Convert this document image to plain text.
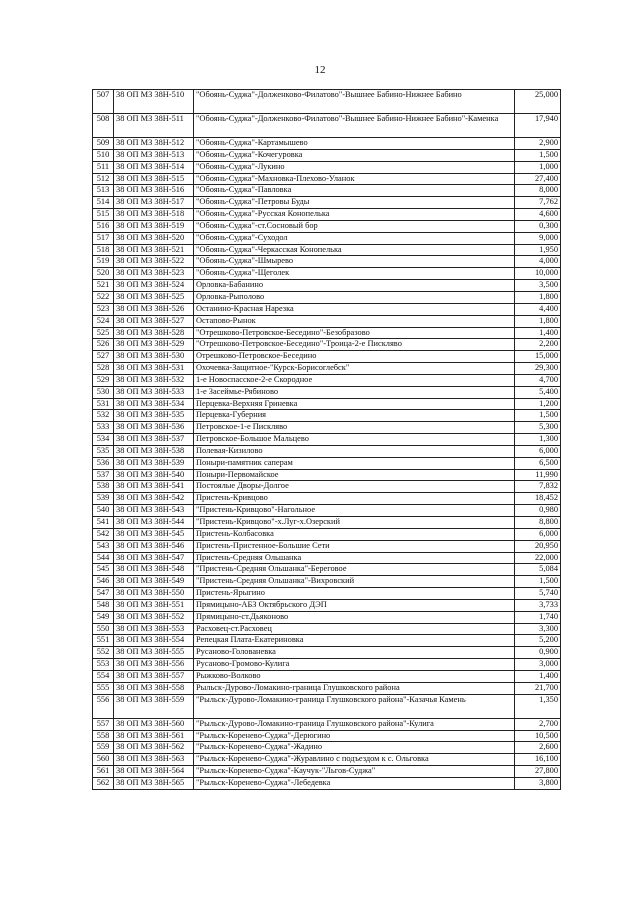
12
507	38 ОП МЗ 38Н-510	"Обоянь-Суджа"-Долженково-Филатово"-Вышнее Бабино-Нижнее Бабино	25,000
508	38 ОП МЗ 38Н-511	"Обоянь-Суджа"-Долженково-Филатово"-Вышнее Бабино-Нижнее Бабино"-Каменка	17,940
509	38 ОП МЗ 38Н-512	"Обоянь-Суджа"-Картамышево	2,900
510	38 ОП МЗ 38Н-513	"Обоянь-Суджа"-Кочегуровка	1,500
511	38 ОП МЗ 38Н-514	"Обоянь-Суджа"-Лукино	1,000
512	38 ОП МЗ 38Н-515	"Обоянь-Суджа"-Махновка-Плехово-Уланок	27,400
513	38 ОП МЗ 38Н-516	"Обоянь-Суджа"-Павловка	8,000
514	38 ОП МЗ 38Н-517	"Обоянь-Суджа"-Петровы Буды	7,762
515	38 ОП МЗ 38Н-518	"Обоянь-Суджа"-Русская Конопелька	4,600
516	38 ОП МЗ 38Н-519	"Обоянь-Суджа"-ст.Сосновый бор	0,300
517	38 ОП МЗ 38Н-520	"Обоянь-Суджа"-Суходол	9,000
518	38 ОП МЗ 38Н-521	"Обоянь-Суджа"-Черкасская Конопелька	1,950
519	38 ОП МЗ 38Н-522	"Обоянь-Суджа"-Шмырево	4,000
520	38 ОП МЗ 38Н-523	"Обоянь-Суджа"-Щеголек	10,000
521	38 ОП МЗ 38Н-524	Орловка-Бабанино	3,500
522	38 ОП МЗ 38Н-525	Орловка-Рыполово	1,800
523	38 ОП МЗ 38Н-526	Останино-Красная Нарезка	4,400
524	38 ОП МЗ 38Н-527	Остапово-Рынок	1,800
525	38 ОП МЗ 38Н-528	"Отрешково-Петровское-Беседино"-Безобразово	1,400
526	38 ОП МЗ 38Н-529	"Отрешково-Петровское-Беседино"-Троица-2-е Пискляво	2,200
527	38 ОП МЗ 38Н-530	Отрешково-Петровское-Беседино	15,000
528	38 ОП МЗ 38Н-531	Охочевка-Защитное-"Курск-Борисоглебск"	29,300
529	38 ОП МЗ 38Н-532	1-е Новоспасское-2-е Скородное	4,700
530	38 ОП МЗ 38Н-533	1-е Засеймье-Рябиново	5,400
531	38 ОП МЗ 38Н-534	Перцевка-Верхняя Гриневка	1,200
532	38 ОП МЗ 38Н-535	Перцевка-Губерния	1,500
533	38 ОП МЗ 38Н-536	Петровское-1-е Пискляво	5,300
534	38 ОП МЗ 38Н-537	Петровское-Большое Мальцево	1,300
535	38 ОП МЗ 38Н-538	Полевая-Кизилово	6,000
536	38 ОП МЗ 38Н-539	Поныри-памятник саперам	6,500
537	38 ОП МЗ 38Н-540	Поныри-Первомайское	11,990
538	38 ОП МЗ 38Н-541	Постоялые Дворы-Долгое	7,832
539	38 ОП МЗ 38Н-542	Пристень-Кривцово	18,452
540	38 ОП МЗ 38Н-543	"Пристень-Кривцово"-Нагольное	0,980
541	38 ОП МЗ 38Н-544	"Пристень-Кривцово"-х.Луг-х.Озерский	8,800
542	38 ОП МЗ 38Н-545	Пристень-Колбасовка	6,000
543	38 ОП МЗ 38Н-546	Пристень-Пристенное-Большие Сети	20,950
544	38 ОП МЗ 38Н-547	Пристень-Средняя Ольшанка	22,000
545	38 ОП МЗ 38Н-548	"Пристень-Средняя Ольшанка"-Береговое	5,084
546	38 ОП МЗ 38Н-549	"Пристень-Средняя Ольшанка"-Вихровский	1,500
547	38 ОП МЗ 38Н-550	Пристень-Ярыгино	5,740
548	38 ОП МЗ 38Н-551	Прямицыно-АБЗ Октябрьского ДЭП	3,733
549	38 ОП МЗ 38Н-552	Прямицыно-ст.Дьяконово	1,740
550	38 ОП МЗ 38Н-553	Расховец-ст.Расховец	3,300
551	38 ОП МЗ 38Н-554	Репецкая Плата-Екатериновка	5,200
552	38 ОП МЗ 38Н-555	Русаново-Голованевка	0,900
553	38 ОП МЗ 38Н-556	Русаново-Громово-Кулига	3,000
554	38 ОП МЗ 38Н-557	Рыжково-Волково	1,400
555	38 ОП МЗ 38Н-558	Рыльск-Дурово-Ломакино-граница Глушковского района	21,700
556	38 ОП МЗ 38Н-559	"Рыльск-Дурово-Ломакино-граница Глушковского района"-Казачья Камень	1,350
557	38 ОП МЗ 38Н-560	"Рыльск-Дурово-Ломакино-граница Глушковского района"-Кулига	2,700
558	38 ОП МЗ 38Н-561	"Рыльск-Кореневo-Суджа"-Дерюгино	10,500
559	38 ОП МЗ 38Н-562	"Рыльск-Коренево-Суджа"-Жадино	2,600
560	38 ОП МЗ 38Н-563	"Рыльск-Коренево-Суджа"-Журавлино с подъездом к с. Ольговка	16,100
561	38 ОП МЗ 38Н-564	"Рыльск-Коренево-Суджа"-Каучук-"Льгов-Суджа"	27,800
562	38 ОП МЗ 38Н-565	"Рыльск-Коренево-Суджа"-Лебедевка	3,800
